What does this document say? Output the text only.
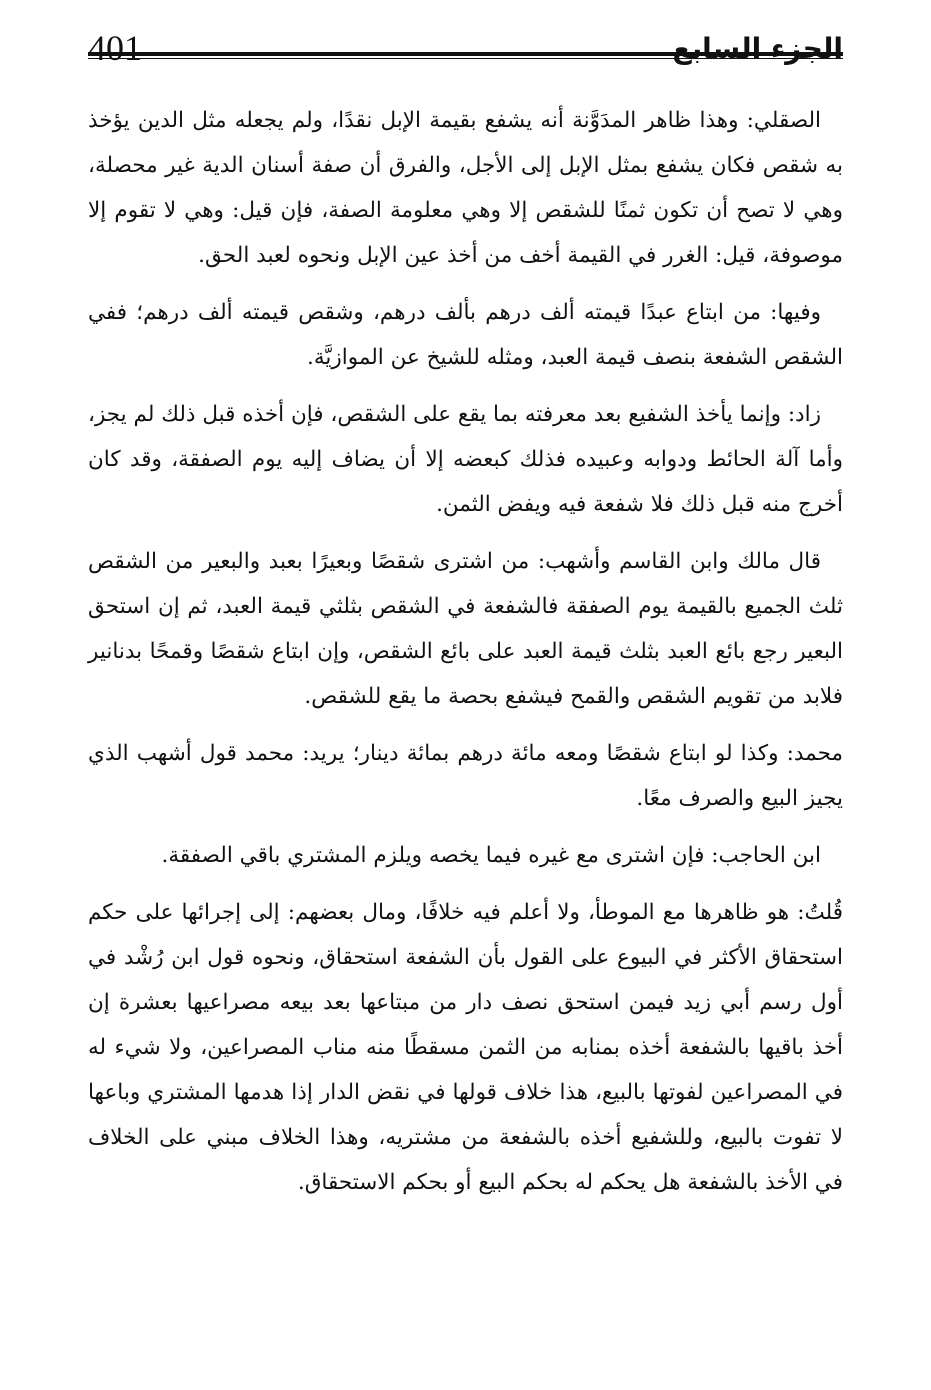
401	الجزء السابع

الصقلي: وهذا ظاهر المدَوَّنة أنه يشفع بقيمة الإبل نقدًا، ولم يجعله مثل الدين يؤخذ به شقص فكان يشفع بمثل الإبل إلى الأجل، والفرق أن صفة أسنان الدية غير محصلة، وهي لا تصح أن تكون ثمنًا للشقص إلا وهي معلومة الصفة، فإن قيل: وهي لا تقوم إلا موصوفة، قيل: الغرر في القيمة أخف من أخذ عين الإبل ونحوه لعبد الحق.

وفيها: من ابتاع عبدًا قيمته ألف درهم بألف درهم، وشقص قيمته ألف درهم؛ ففي الشقص الشفعة بنصف قيمة العبد، ومثله للشيخ عن الموازيَّة.

زاد: وإنما يأخذ الشفيع بعد معرفته بما يقع على الشقص، فإن أخذه قبل ذلك لم يجز، وأما آلة الحائط ودوابه وعبيده فذلك كبعضه إلا أن يضاف إليه يوم الصفقة، وقد كان أخرج منه قبل ذلك فلا شفعة فيه ويفض الثمن.

قال مالك وابن القاسم وأشهب: من اشترى شقصًا وبعيرًا بعبد والبعير من الشقص ثلث الجميع بالقيمة يوم الصفقة فالشفعة في الشقص بثلثي قيمة العبد، ثم إن استحق البعير رجع بائع العبد بثلث قيمة العبد على بائع الشقص، وإن ابتاع شقصًا وقمحًا بدنانير فلابد من تقويم الشقص والقمح فيشفع بحصة ما يقع للشقص.

محمد: وكذا لو ابتاع شقصًا ومعه مائة درهم بمائة دينار؛ يريد: محمد قول أشهب الذي يجيز البيع والصرف معًا.

ابن الحاجب: فإن اشترى مع غيره فيما يخصه ويلزم المشتري باقي الصفقة.

قُلتُ: هو ظاهرها مع الموطأ، ولا أعلم فيه خلافًا، ومال بعضهم: إلى إجرائها على حكم استحقاق الأكثر في البيوع على القول بأن الشفعة استحقاق، ونحوه قول ابن رُشْد في أول رسم أبي زيد فيمن استحق نصف دار من مبتاعها بعد بيعه مصراعيها بعشرة إن أخذ باقيها بالشفعة أخذه بمنابه من الثمن مسقطًا منه مناب المصراعين، ولا شيء له في المصراعين لفوتها بالبيع، هذا خلاف قولها في نقض الدار إذا هدمها المشتري وباعها لا تفوت بالبيع، وللشفيع أخذه بالشفعة من مشتريه، وهذا الخلاف مبني على الخلاف في الأخذ بالشفعة هل يحكم له بحكم البيع أو بحكم الاستحقاق.
